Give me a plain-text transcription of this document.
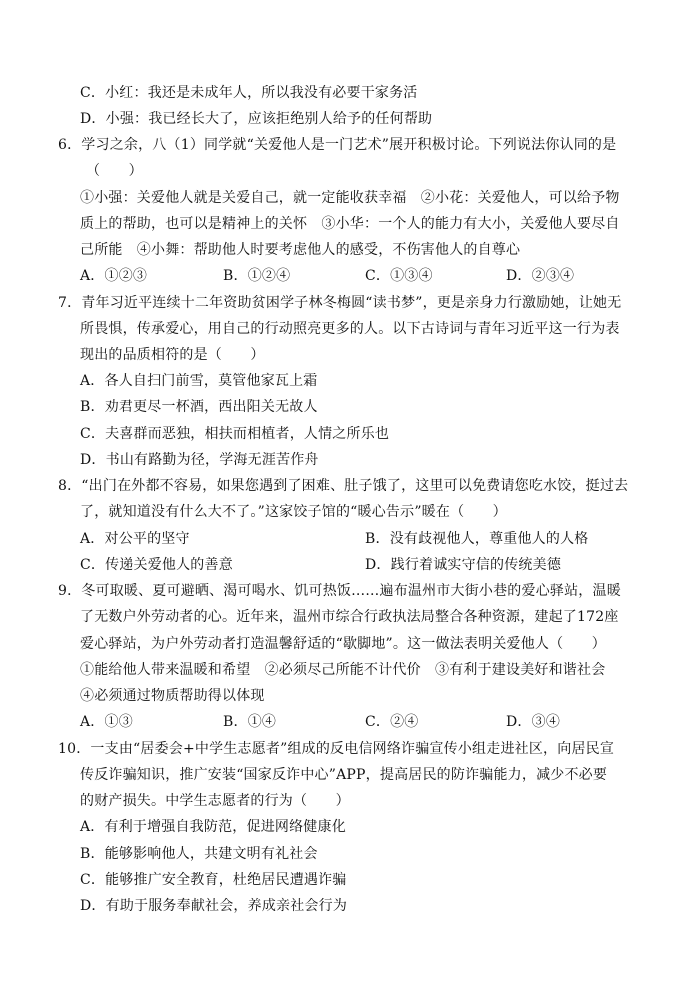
C．小红：我还是未成年人，所以我没有必要干家务活
D．小强：我已经长大了，应该拒绝别人给予的任何帮助
6．学习之余，八（1）同学就“关爱他人是一门艺术”展开积极讨论。下列说法你认同的是
（　　）
①小强：关爱他人就是关爱自己，就一定能收获幸福　②小花：关爱他人，可以给予物
质上的帮助，也可以是精神上的关怀　③小华：一个人的能力有大小，关爱他人要尽自
己所能　④小舞：帮助他人时要考虑他人的感受，不伤害他人的自尊心
A．①②③	B．①②④	C．①③④	D．②③④
7．青年习近平连续十二年资助贫困学子林冬梅圆“读书梦”，更是亲身力行激励她，让她无
所畏惧，传承爱心，用自己的行动照亮更多的人。以下古诗词与青年习近平这一行为表
现出的品质相符的是（　　）
A．各人自扫门前雪，莫管他家瓦上霜
B．劝君更尽一杯酒，西出阳关无故人
C．夫喜群而恶独，相扶而相植者，人情之所乐也
D．书山有路勤为径，学海无涯苦作舟
8．“出门在外都不容易，如果您遇到了困难、肚子饿了，这里可以免费请您吃水饺，挺过去
了，就知道没有什么大不了。”这家饺子馆的“暖心告示”暖在（　　）
A．对公平的坚守	B．没有歧视他人，尊重他人的人格
C．传递关爱他人的善意	D．践行着诚实守信的传统美德
9．冬可取暖、夏可避晒、渴可喝水、饥可热饭……遍布温州市大街小巷的爱心驿站，温暖
了无数户外劳动者的心。近年来，温州市综合行政执法局整合各种资源，建起了172座
爱心驿站，为户外劳动者打造温馨舒适的“歇脚地”。这一做法表明关爱他人（　　）
①能给他人带来温暖和希望　②必须尽己所能不计代价　③有利于建设美好和谐社会
④必须通过物质帮助得以体现
A．①③	B．①④	C．②④	D．③④
10．一支由“居委会+中学生志愿者”组成的反电信网络诈骗宣传小组走进社区，向居民宣
传反诈骗知识，推广安装“国家反诈中心”APP，提高居民的防诈骗能力，减少不必要
的财产损失。中学生志愿者的行为（　　）
A．有利于增强自我防范，促进网络健康化
B．能够影响他人，共建文明有礼社会
C．能够推广安全教育，杜绝居民遭遇诈骗
D．有助于服务奉献社会，养成亲社会行为
